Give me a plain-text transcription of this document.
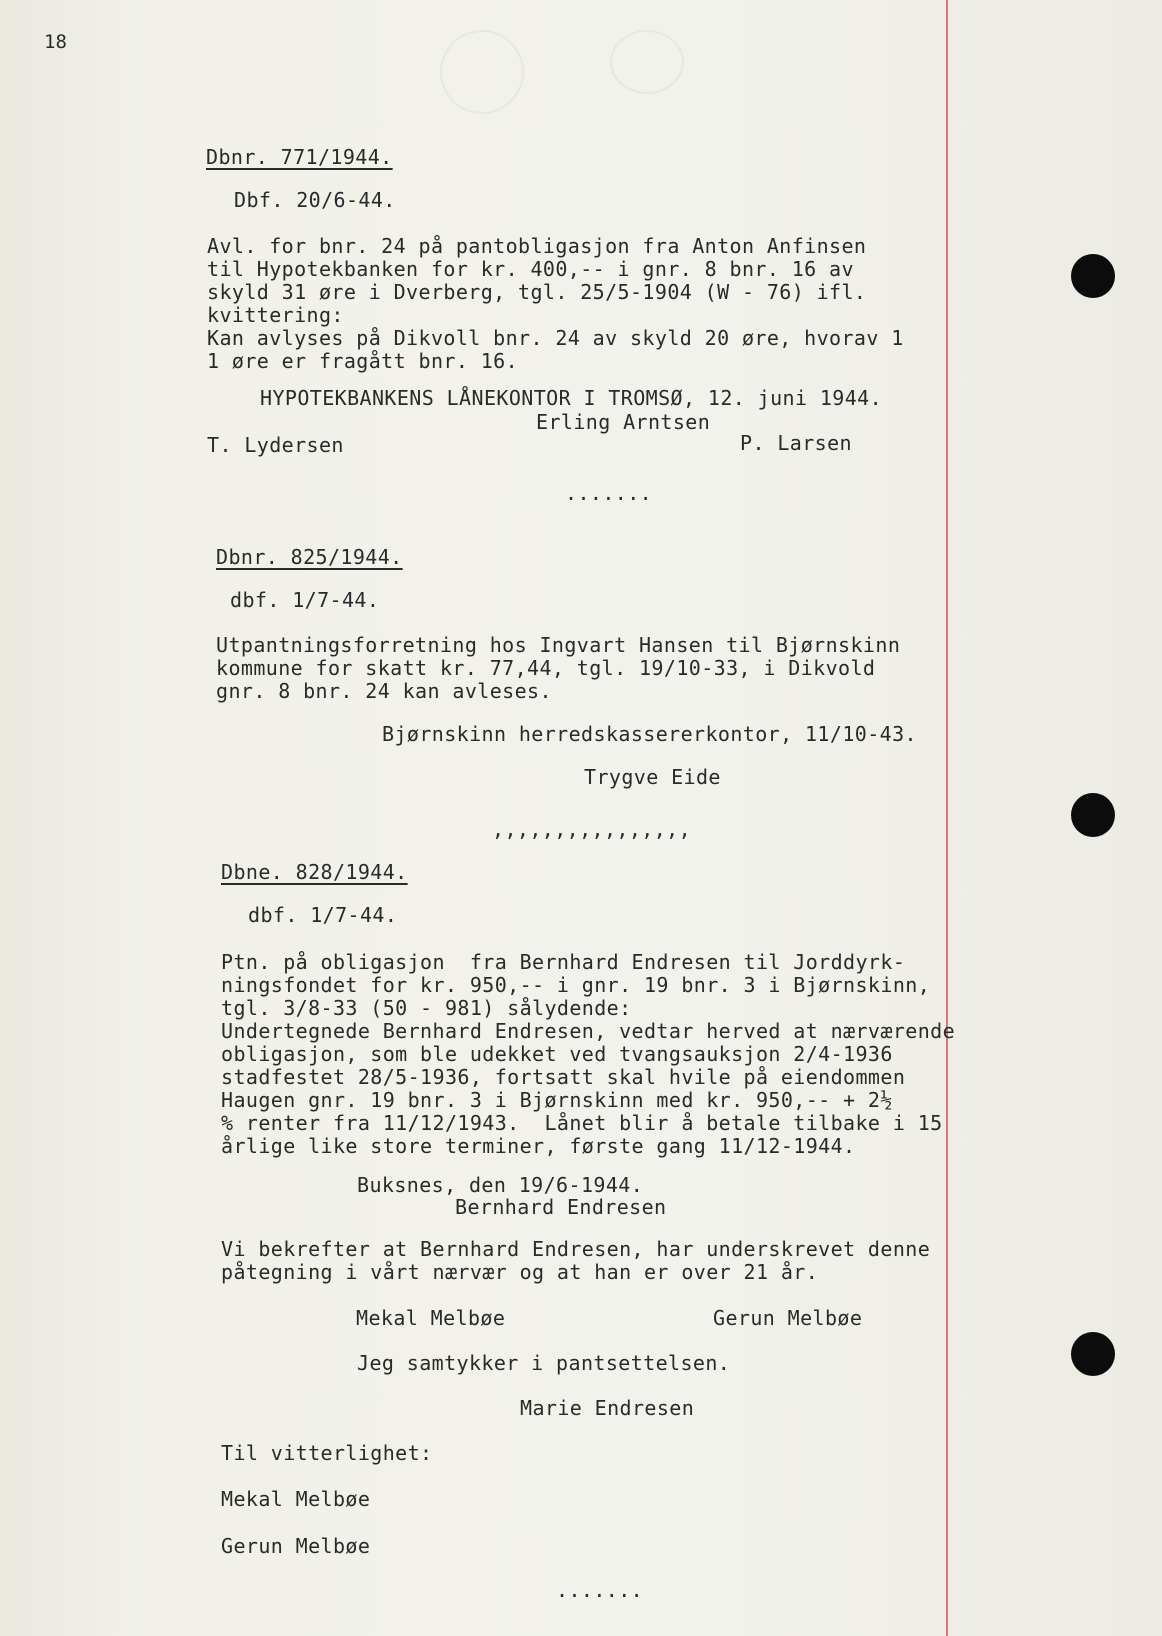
18
Dbnr. 771/1944.
Dbf. 20/6-44.
Avl. for bnr. 24 på pantobligasjon fra Anton Anfinsen
til Hypotekbanken for kr. 400,-- i gnr. 8 bnr. 16 av
skyld 31 øre i Dverberg, tgl. 25/5-1904 (W - 76) ifl.
kvittering:
Kan avlyses på Dikvoll bnr. 24 av skyld 20 øre, hvorav 1
1 øre er fragått bnr. 16.
HYPOTEKBANKENS LÅNEKONTOR I TROMSØ, 12. juni 1944.
Erling Arntsen
T. Lydersen	P. Larsen
.......
Dbnr. 825/1944.
dbf. 1/7-44.
Utpantningsforretning hos Ingvart Hansen til Bjørnskinn
kommune for skatt kr. 77,44, tgl. 19/10-33, i Dikvold
gnr. 8 bnr. 24 kan avleses.
Bjørnskinn herredskassererkontor, 11/10-43.
Trygve Eide
,,,,,,,,,,,,,,,,
Dbne. 828/1944.
dbf. 1/7-44.
Ptn. på obligasjon  fra Bernhard Endresen til Jorddyrk-
ningsfondet for kr. 950,-- i gnr. 19 bnr. 3 i Bjørnskinn,
tgl. 3/8-33 (50 - 981) sålydende:
Undertegnede Bernhard Endresen, vedtar herved at nærværende
obligasjon, som ble udekket ved tvangsauksjon 2/4-1936
stadfestet 28/5-1936, fortsatt skal hvile på eiendommen
Haugen gnr. 19 bnr. 3 i Bjørnskinn med kr. 950,-- + 2½
% renter fra 11/12/1943.  Lånet blir å betale tilbake i 15
årlige like store terminer, første gang 11/12-1944.
Buksnes, den 19/6-1944.
Bernhard Endresen
Vi bekrefter at Bernhard Endresen, har underskrevet denne
påtegning i vårt nærvær og at han er over 21 år.
Mekal Melbøe	Gerun Melbøe
Jeg samtykker i pantsettelsen.
Marie Endresen
Til vitterlighet:
Mekal Melbøe
Gerun Melbøe
.......
